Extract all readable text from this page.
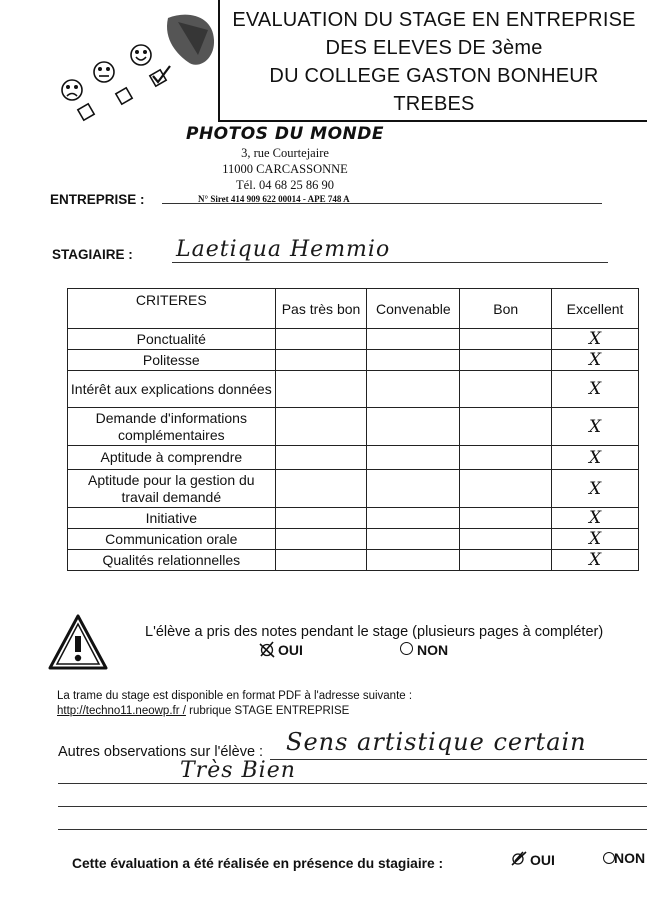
EVALUATION DU STAGE EN ENTREPRISE
DES ELEVES DE 3ème
DU COLLEGE GASTON BONHEUR
TREBES
PHOTOS DU MONDE
3, rue Courtejaire
11000 CARCASSONNE
Tél. 04 68 25 86 90
N° Siret 414 909 622 00014 - APE 748 A
ENTREPRISE :
STAGIAIRE : Laetiqua Hemmio
CRITERES	Pas très bon	Convenable	Bon	Excellent
Ponctualité				X
Politesse				X
Intérêt aux explications données				X
Demande d'informations complémentaires				X
Aptitude à comprendre				X
Aptitude pour la gestion du travail demandé				X
Initiative				X
Communication orale				X
Qualités relationnelles				X
L'élève a pris des notes pendant le stage (plusieurs pages à compléter)
OUI	NON
La trame du stage est disponible en format PDF à l'adresse suivante :
http://techno11.neowp.fr / rubrique STAGE ENTREPRISE
Autres observations sur l'élève : Sens artistique certain
Très Bien
Cette évaluation a été réalisée en présence du stagiaire :	OUI	NON
